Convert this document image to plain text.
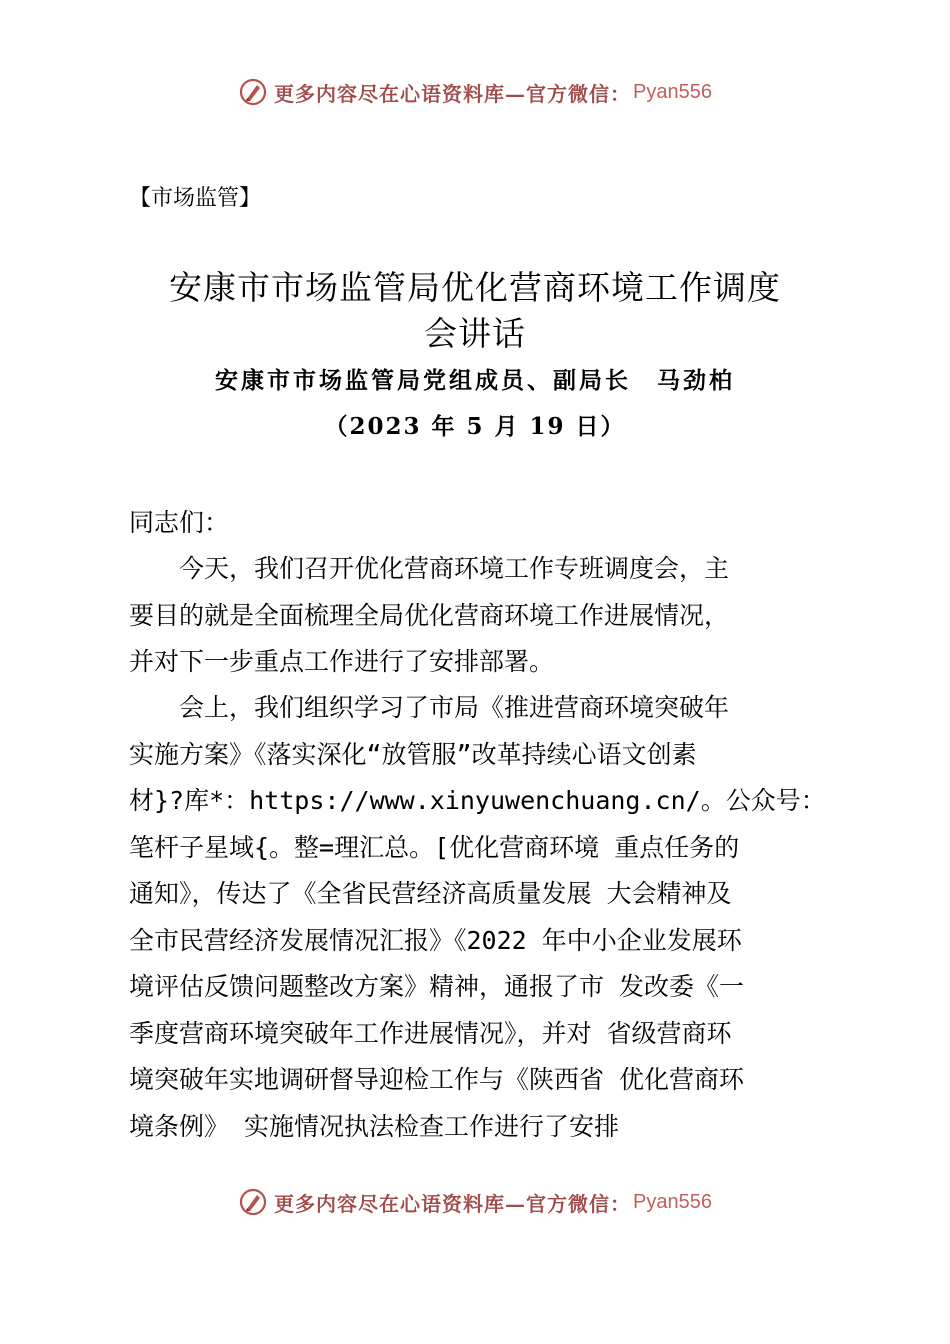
更多内容尽在心语资料库—官方微信： Pyan556
【市场监管】
安康市市场监管局优化营商环境工作调度
会讲话
安康市市场监管局党组成员、副局长　马劲柏
（2023 年 5 月 19 日）
同志们：
　　今天，我们召开优化营商环境工作专班调度会，主
要目的就是全面梳理全局优化营商环境工作进展情况，
并对下一步重点工作进行了安排部署。
　　会上，我们组织学习了市局《推进营商环境突破年
实施方案》《落实深化“放管服”改革持续心语文创素
材}?库*：https://www.xinyuwenchuang.cn/。公众号：
笔杆子星域{。整=理汇总。[优化营商环境 重点任务的
通知》，传达了《全省民营经济高质量发展 大会精神及
全市民营经济发展情况汇报》《2022 年中小企业发展环
境评估反馈问题整改方案》精神，通报了市 发改委《一
季度营商环境突破年工作进展情况》，并对 省级营商环
境突破年实地调研督导迎检工作与《陕西省 优化营商环
境条例》 实施情况执法检查工作进行了安排
更多内容尽在心语资料库—官方微信： Pyan556
